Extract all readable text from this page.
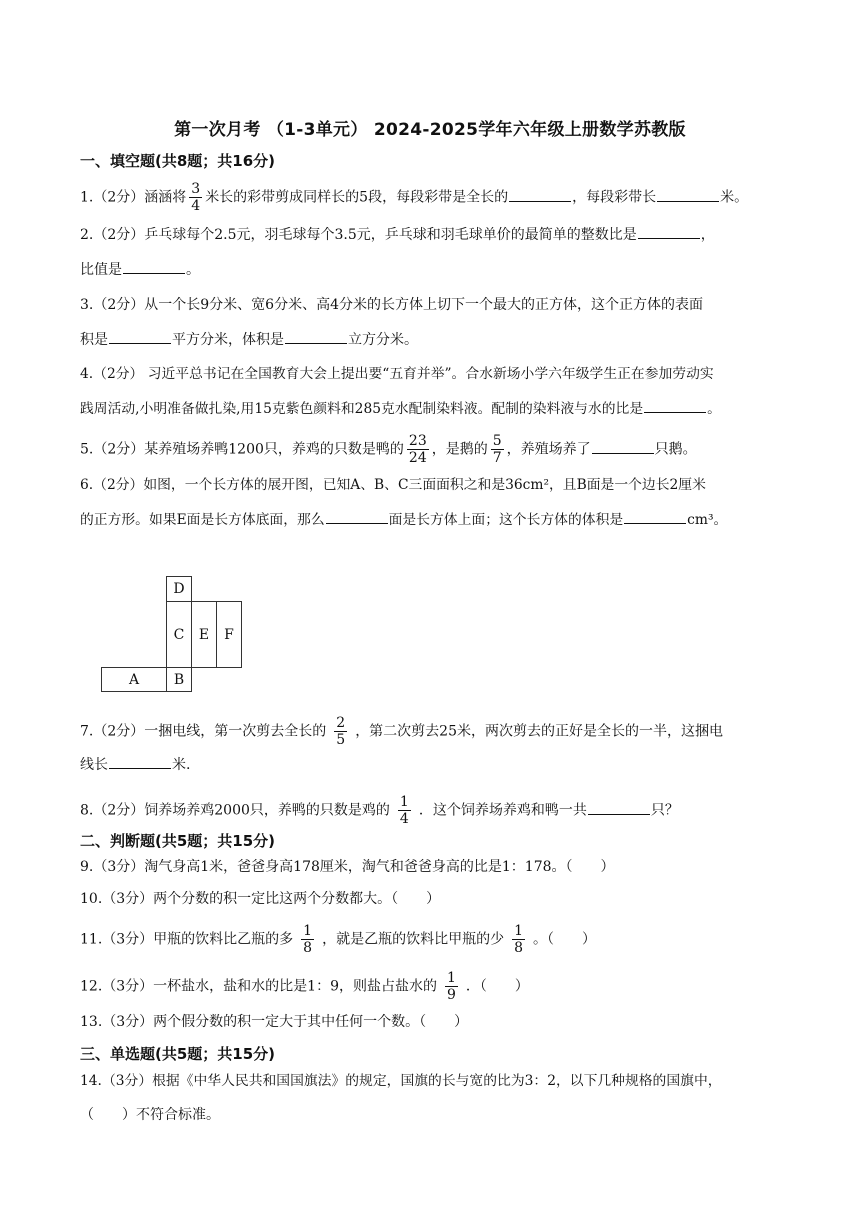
第一次月考 （1-3单元） 2024-2025学年六年级上册数学苏教版
一、填空题(共8题；共16分)
1.（2分）涵涵将 $\frac{3}{4}$ 米长的彩带剪成同样长的5段，每段彩带是全长的	，每段彩带长	米。
2.（2分）乒乓球每个2.5元，羽毛球每个3.5元，乒乓球和羽毛球单价的最简单的整数比是	，
比值是	。
3.（2分）从一个长9分米、宽6分米、高4分米的长方体上切下一个最大的正方体，这个正方体的表面
积是	平方分米，体积是	立方分米。
4.（2分） 习近平总书记在全国教育大会上提出要“五育并举”。合水新场小学六年级学生正在参加劳动实
践周活动,小明准备做扎染,用15克紫色颜料和285克水配制染料液。配制的染料液与水的比是	。
5.（2分）某养殖场养鸭1200只，养鸡的只数是鸭的 $\frac{23}{24}$ ，是鹅的 $\frac{5}{7}$ ，养殖场养了	只鹅。
6.（2分）如图，一个长方体的展开图，已知A、B、C三面面积之和是36cm²，且B面是一个边长2厘米
的正方形。如果E面是长方体底面，那么	面是长方体上面；这个长方体的体积是	cm³。
D
C	E	F
A	B
7.（2分）一捆电线，第一次剪去全长的 $\frac{2}{5}$ ，第二次剪去25米，两次剪去的正好是全长的一半，这捆电
线长	米.
8.（2分）饲养场养鸡2000只，养鸭的只数是鸡的 $\frac{1}{4}$ ．这个饲养场养鸡和鸭一共	只？
二、判断题(共5题；共15分)
9.（3分）淘气身高1米，爸爸身高178厘米，淘气和爸爸身高的比是1：178。（　　）
10.（3分）两个分数的积一定比这两个分数都大。（　　）
11.（3分）甲瓶的饮料比乙瓶的多 $\frac{1}{8}$ ，就是乙瓶的饮料比甲瓶的少 $\frac{1}{8}$ 。（　　）
12.（3分）一杯盐水，盐和水的比是1：9，则盐占盐水的 $\frac{1}{9}$ ．（　　）
13.（3分）两个假分数的积一定大于其中任何一个数。（　　）
三、单选题(共5题；共15分)
14.（3分）根据《中华人民共和国国旗法》的规定，国旗的长与宽的比为3：2，以下几种规格的国旗中，
（　　）不符合标准。
